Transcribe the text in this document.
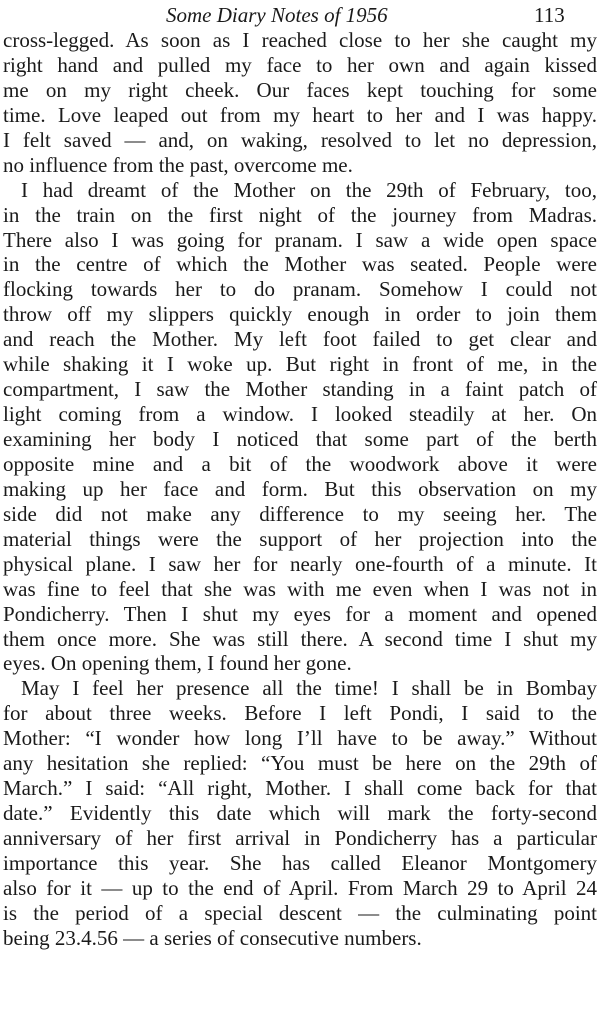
Some Diary Notes of 1956	113
cross-legged. As soon as I reached close to her she caught my
right hand and pulled my face to her own and again kissed
me on my right cheek. Our faces kept touching for some
time. Love leaped out from my heart to her and I was happy.
I felt saved — and, on waking, resolved to let no depression,
no influence from the past, overcome me.
I had dreamt of the Mother on the 29th of February, too,
in the train on the first night of the journey from Madras.
There also I was going for pranam. I saw a wide open space
in the centre of which the Mother was seated. People were
flocking towards her to do pranam. Somehow I could not
throw off my slippers quickly enough in order to join them
and reach the Mother. My left foot failed to get clear and
while shaking it I woke up. But right in front of me, in the
compartment, I saw the Mother standing in a faint patch of
light coming from a window. I looked steadily at her. On
examining her body I noticed that some part of the berth
opposite mine and a bit of the woodwork above it were
making up her face and form. But this observation on my
side did not make any difference to my seeing her. The
material things were the support of her projection into the
physical plane. I saw her for nearly one-fourth of a minute. It
was fine to feel that she was with me even when I was not in
Pondicherry. Then I shut my eyes for a moment and opened
them once more. She was still there. A second time I shut my
eyes. On opening them, I found her gone.
May I feel her presence all the time! I shall be in Bombay
for about three weeks. Before I left Pondi, I said to the
Mother: “I wonder how long I’ll have to be away.” Without
any hesitation she replied: “You must be here on the 29th of
March.” I said: “All right, Mother. I shall come back for that
date.” Evidently this date which will mark the forty-second
anniversary of her first arrival in Pondicherry has a particular
importance this year. She has called Eleanor Montgomery
also for it — up to the end of April. From March 29 to April 24
is the period of a special descent — the culminating point
being 23.4.56 — a series of consecutive numbers.
